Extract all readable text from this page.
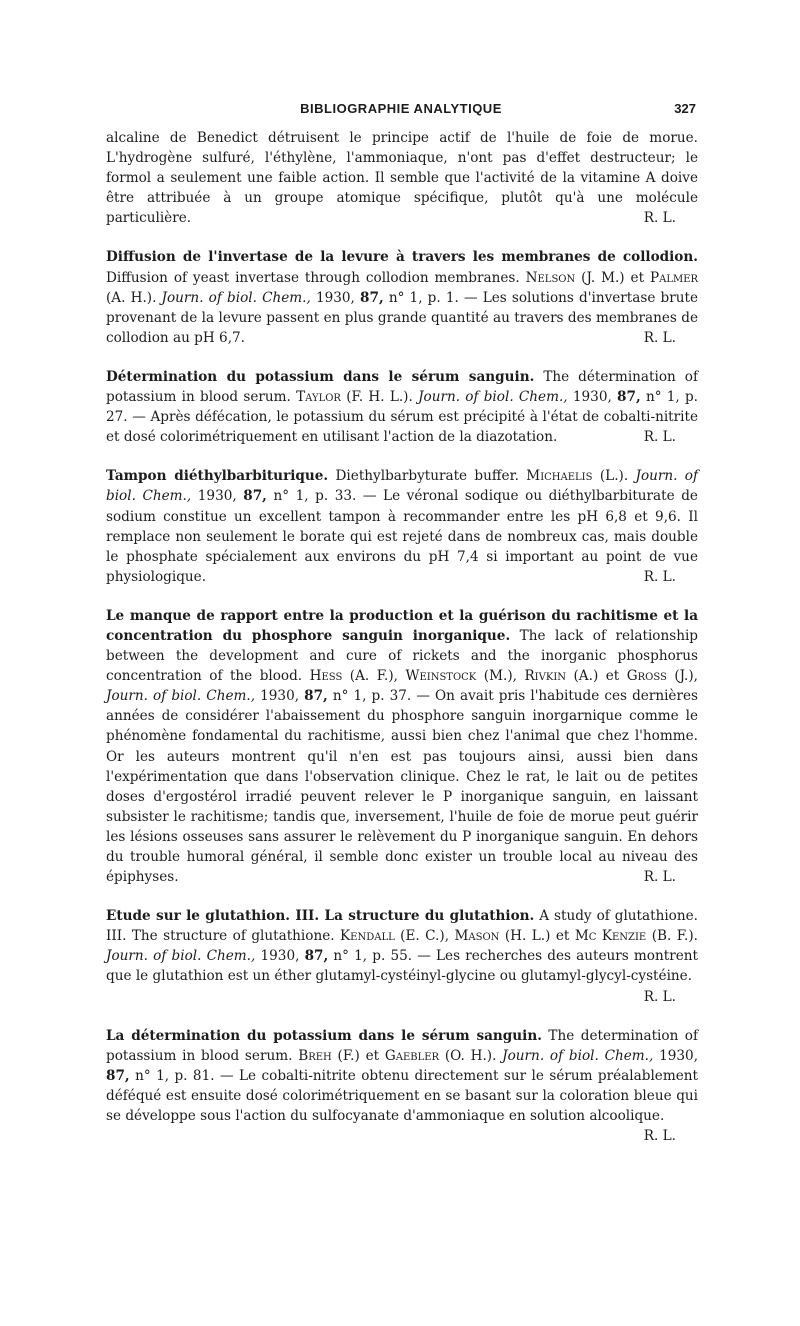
BIBLIOGRAPHIE ANALYTIQUE	327

alcaline de Benedict détruisent le principe actif de l'huile de foie de morue. L'hydrogène sulfuré, l'éthylène, l'ammoniaque, n'ont pas d'effet destructeur; le formol a seulement une faible action. Il semble que l'activité de la vitamine A doive être attribuée à un groupe atomique spécifique, plutôt qu'à une molécule particulière.	R. L.

Diffusion de l'invertase de la levure à travers les membranes de collodion. Diffusion of yeast invertase through collodion membranes. Nelson (J. M.) et Palmer (A. H.). Journ. of biol. Chem., 1930, 87, n° 1, p. 1. — Les solutions d'invertase brute provenant de la levure passent en plus grande quantité au travers des membranes de collodion au pH 6,7.	R. L.

Détermination du potassium dans le sérum sanguin. The détermination of potassium in blood serum. Taylor (F. H. L.). Journ. of biol. Chem., 1930, 87, n° 1, p. 27. — Après défécation, le potassium du sérum est précipité à l'état de cobalti-nitrite et dosé colorimétriquement en utilisant l'action de la diazotation.	R. L.

Tampon diéthylbarbiturique. Diethylbarbyturate buffer. Michaelis (L.). Journ. of biol. Chem., 1930, 87, n° 1, p. 33. — Le véronal sodique ou diéthylbarbiturate de sodium constitue un excellent tampon à recommander entre les pH 6,8 et 9,6. Il remplace non seulement le borate qui est rejeté dans de nombreux cas, mais double le phosphate spécialement aux environs du pH 7,4 si important au point de vue physiologique.	R. L.

Le manque de rapport entre la production et la guérison du rachitisme et la concentration du phosphore sanguin inorganique. The lack of relationship between the development and cure of rickets and the inorganic phosphorus concentration of the blood. Hess (A. F.), Weinstock (M.), Rivkin (A.) et Gross (J.), Journ. of biol. Chem., 1930, 87, n° 1, p. 37. — On avait pris l'habitude ces dernières années de considérer l'abaissement du phosphore sanguin inorgarnique comme le phénomène fondamental du rachitisme, aussi bien chez l'animal que chez l'homme. Or les auteurs montrent qu'il n'en est pas toujours ainsi, aussi bien dans l'expérimentation que dans l'observation clinique. Chez le rat, le lait ou de petites doses d'ergostérol irradié peuvent relever le P inorganique sanguin, en laissant subsister le rachitisme; tandis que, inversement, l'huile de foie de morue peut guérir les lésions osseuses sans assurer le relèvement du P inorganique sanguin. En dehors du trouble humoral général, il semble donc exister un trouble local au niveau des épiphyses.	R. L.

Etude sur le glutathion. III. La structure du glutathion. A study of glutathione. III. The structure of glutathione. Kendall (E. C.), Mason (H. L.) et Mc Kenzie (B. F.). Journ. of biol. Chem., 1930, 87, n° 1, p. 55. — Les recherches des auteurs montrent que le glutathion est un éther glutamyl-cystéinyl-glycine ou glutamyl-glycyl-cystéine.
R. L.

La détermination du potassium dans le sérum sanguin. The determination of potassium in blood serum. Breh (F.) et Gaebler (O. H.). Journ. of biol. Chem., 1930, 87, n° 1, p. 81. — Le cobalti-nitrite obtenu directement sur le sérum préalablement déféqué est ensuite dosé colorimétriquement en se basant sur la coloration bleue qui se développe sous l'action du sulfocyanate d'ammoniaque en solution alcoolique.
R. L.
